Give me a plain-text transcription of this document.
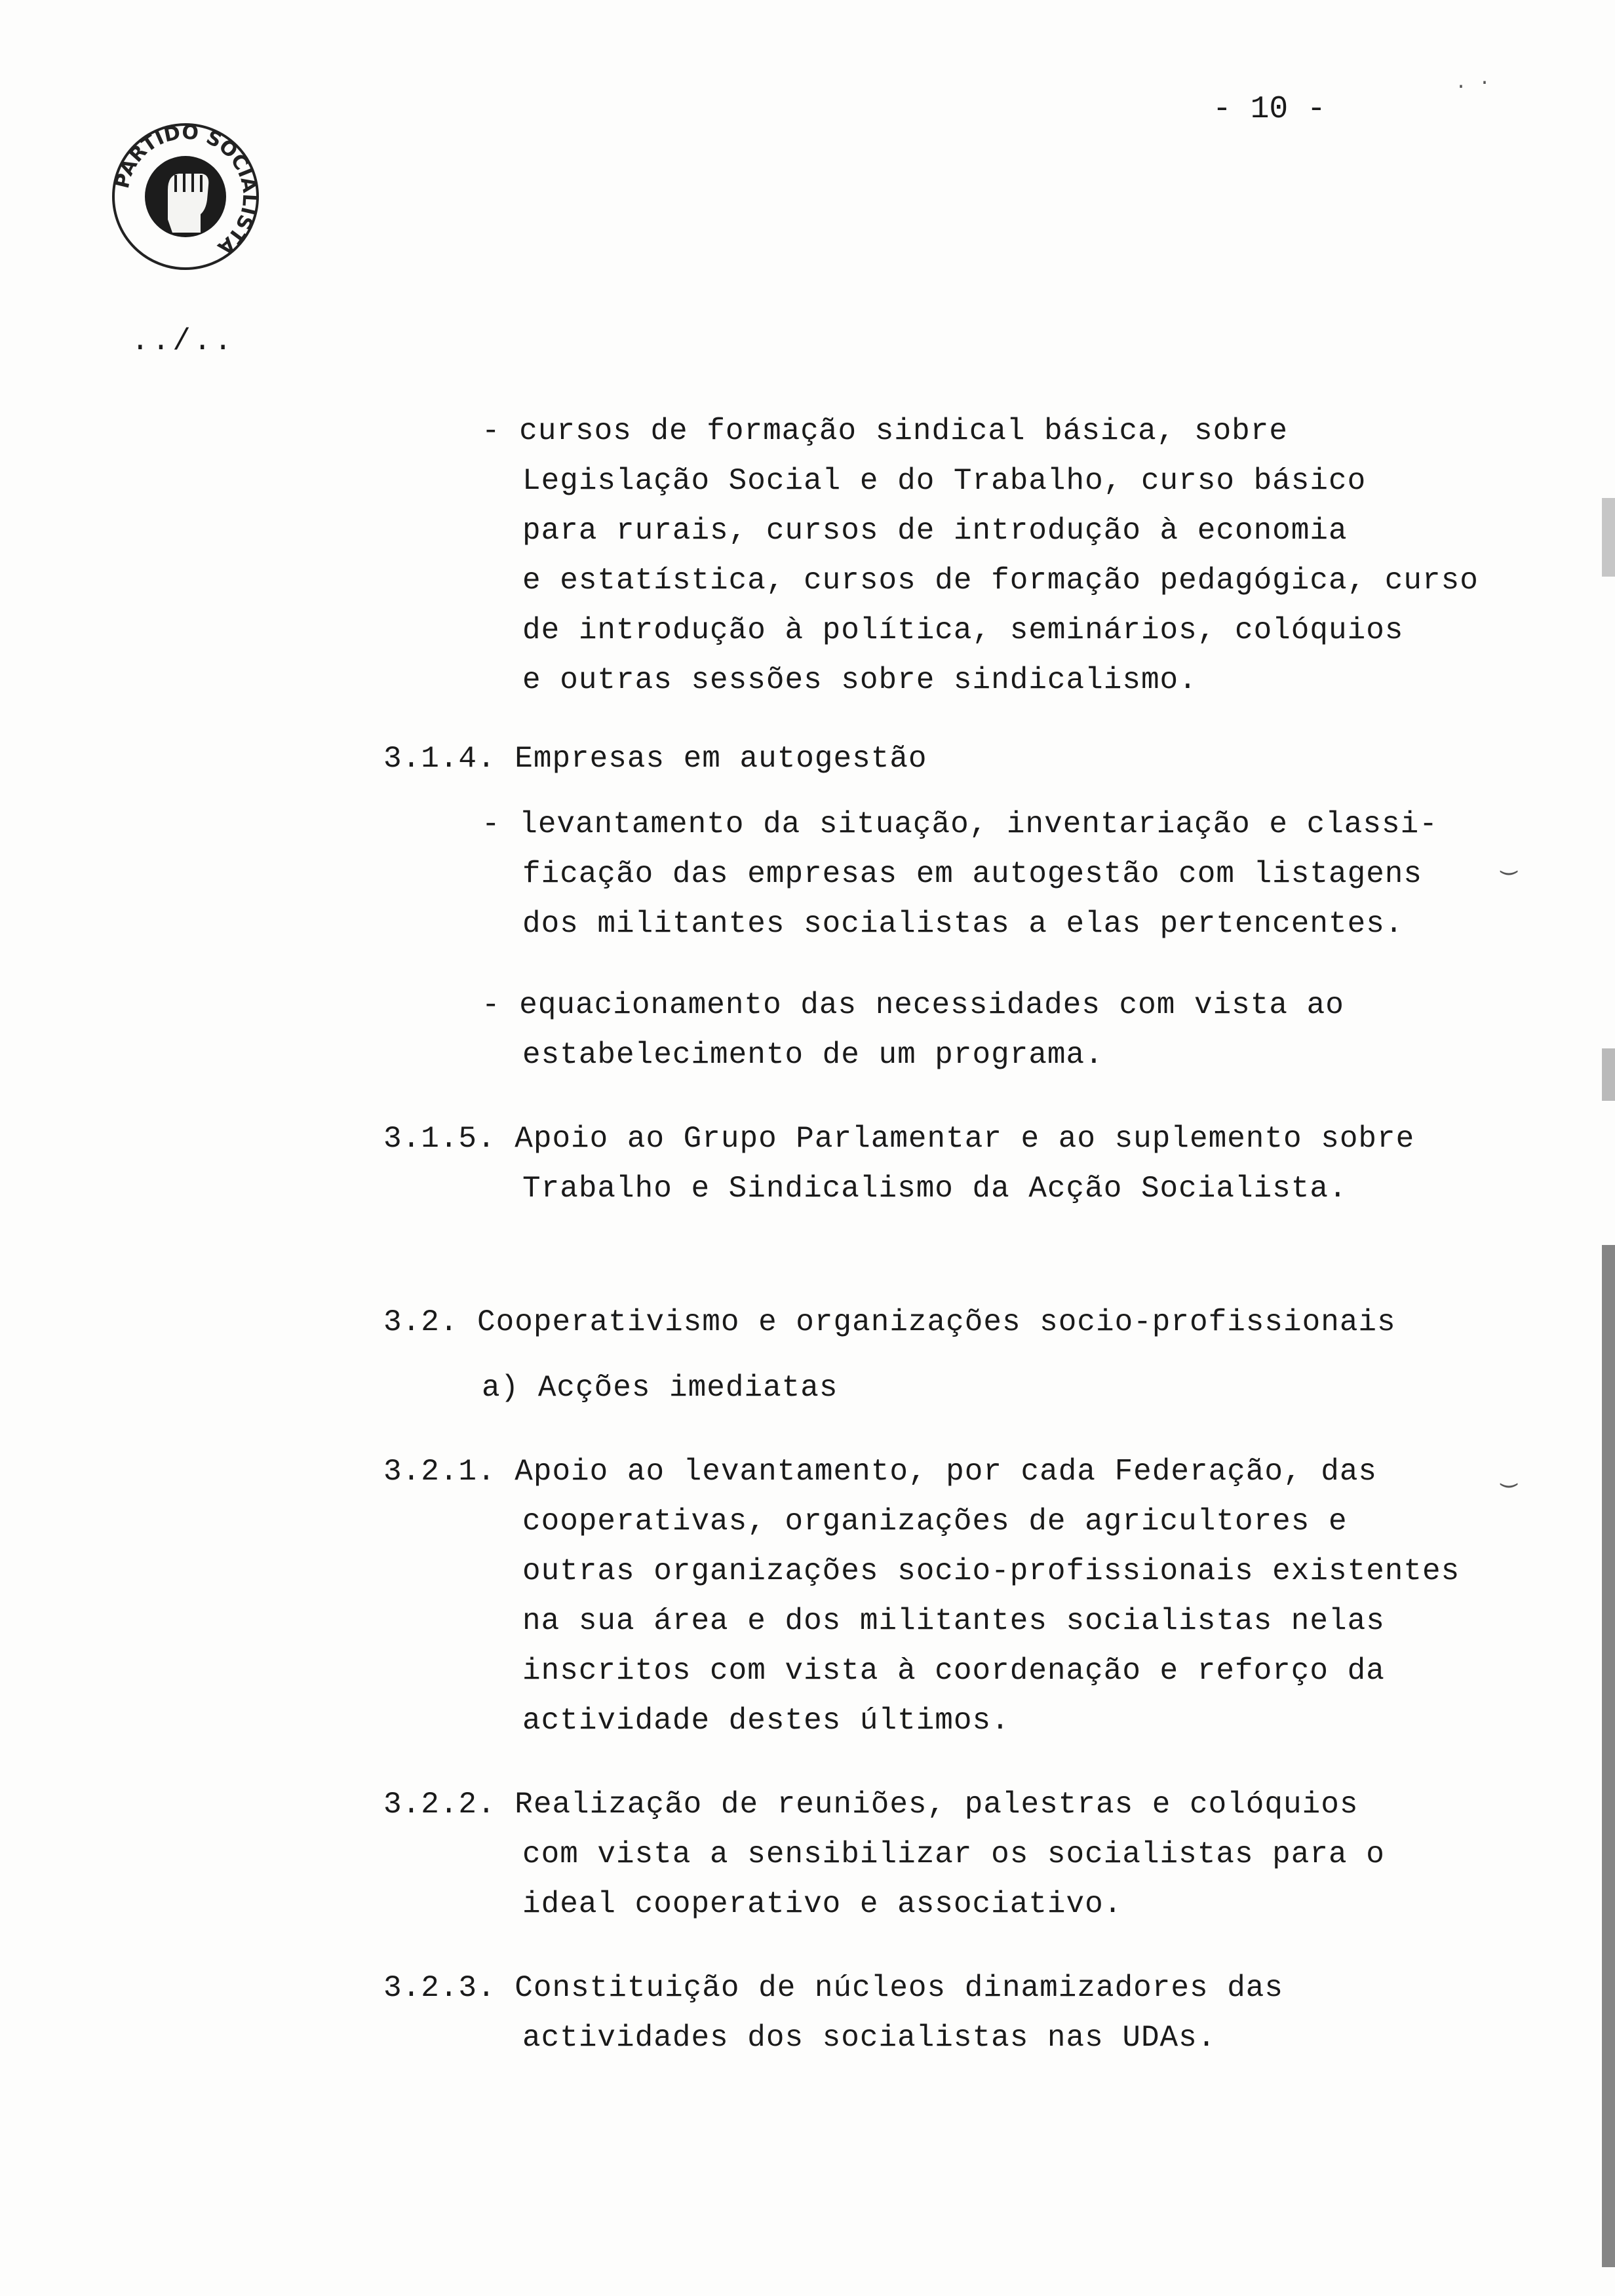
PARTIDO SOCIALISTA
- 10 -
../..
- cursos de formação sindical básica, sobre
Legislação Social e do Trabalho, curso básico
para rurais, cursos de introdução à economia
e estatística, cursos de formação pedagógica, curso
de introdução à política, seminários, colóquios
e outras sessões sobre sindicalismo.
3.1.4. Empresas em autogestão
- levantamento da situação, inventariação e classi-
ficação das empresas em autogestão com listagens
dos militantes socialistas a elas pertencentes.
- equacionamento das necessidades com vista ao
estabelecimento de um programa.
3.1.5. Apoio ao Grupo Parlamentar e ao suplemento sobre
Trabalho e Sindicalismo da Acção Socialista.
3.2. Cooperativismo e organizações socio-profissionais
a) Acções imediatas
3.2.1. Apoio ao levantamento, por cada Federação, das
cooperativas, organizações de agricultores e
outras organizações socio-profissionais existentes
na sua área e dos militantes socialistas nelas
inscritos com vista à coordenação e reforço da
actividade destes últimos.
3.2.2. Realização de reuniões, palestras e colóquios
com vista a sensibilizar os socialistas para o
ideal cooperativo e associativo.
3.2.3. Constituição de núcleos dinamizadores das
actividades dos socialistas nas UDAs.
. ·
‿
‿
